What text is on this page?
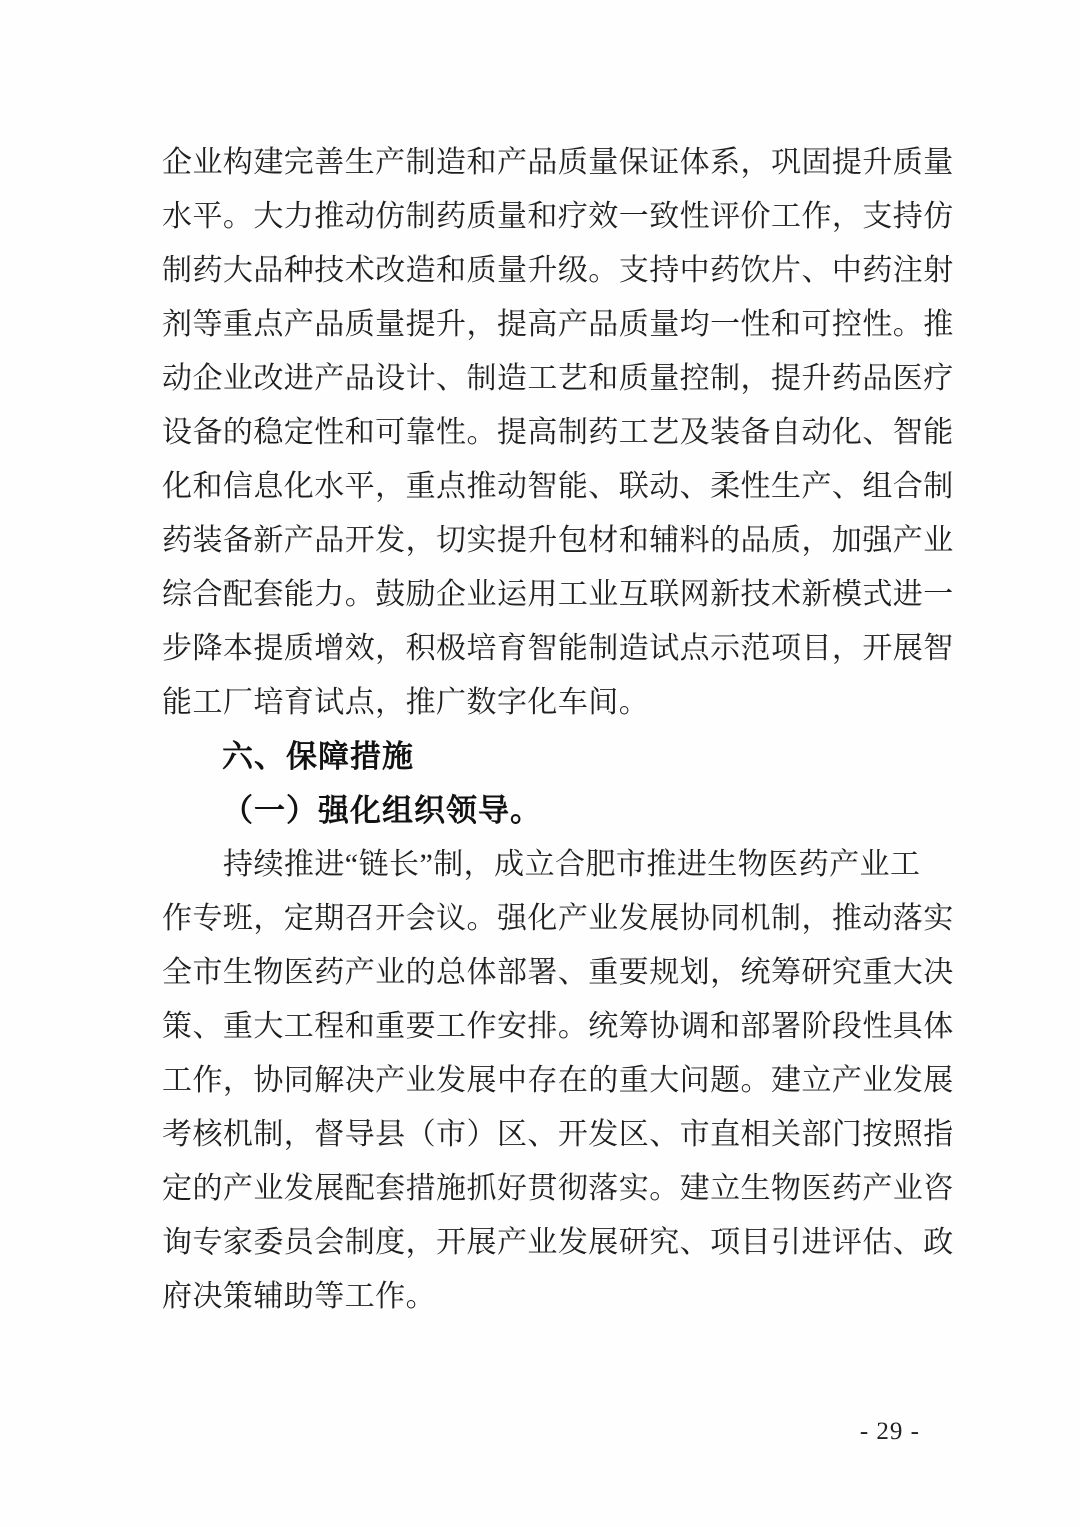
企业构建完善生产制造和产品质量保证体系，巩固提升质量
水平。大力推动仿制药质量和疗效一致性评价工作，支持仿
制药大品种技术改造和质量升级。支持中药饮片、中药注射
剂等重点产品质量提升，提高产品质量均一性和可控性。推
动企业改进产品设计、制造工艺和质量控制，提升药品医疗
设备的稳定性和可靠性。提高制药工艺及装备自动化、智能
化和信息化水平，重点推动智能、联动、柔性生产、组合制
药装备新产品开发，切实提升包材和辅料的品质，加强产业
综合配套能力。鼓励企业运用工业互联网新技术新模式进一
步降本提质增效，积极培育智能制造试点示范项目，开展智
能工厂培育试点，推广数字化车间。
六、保障措施
（一）强化组织领导。
持续推进“链长”制，成立合肥市推进生物医药产业工
作专班，定期召开会议。强化产业发展协同机制，推动落实
全市生物医药产业的总体部署、重要规划，统筹研究重大决
策、重大工程和重要工作安排。统筹协调和部署阶段性具体
工作，协同解决产业发展中存在的重大问题。建立产业发展
考核机制，督导县（市）区、开发区、市直相关部门按照指
定的产业发展配套措施抓好贯彻落实。建立生物医药产业咨
询专家委员会制度，开展产业发展研究、项目引进评估、政
府决策辅助等工作。
- 29 -
